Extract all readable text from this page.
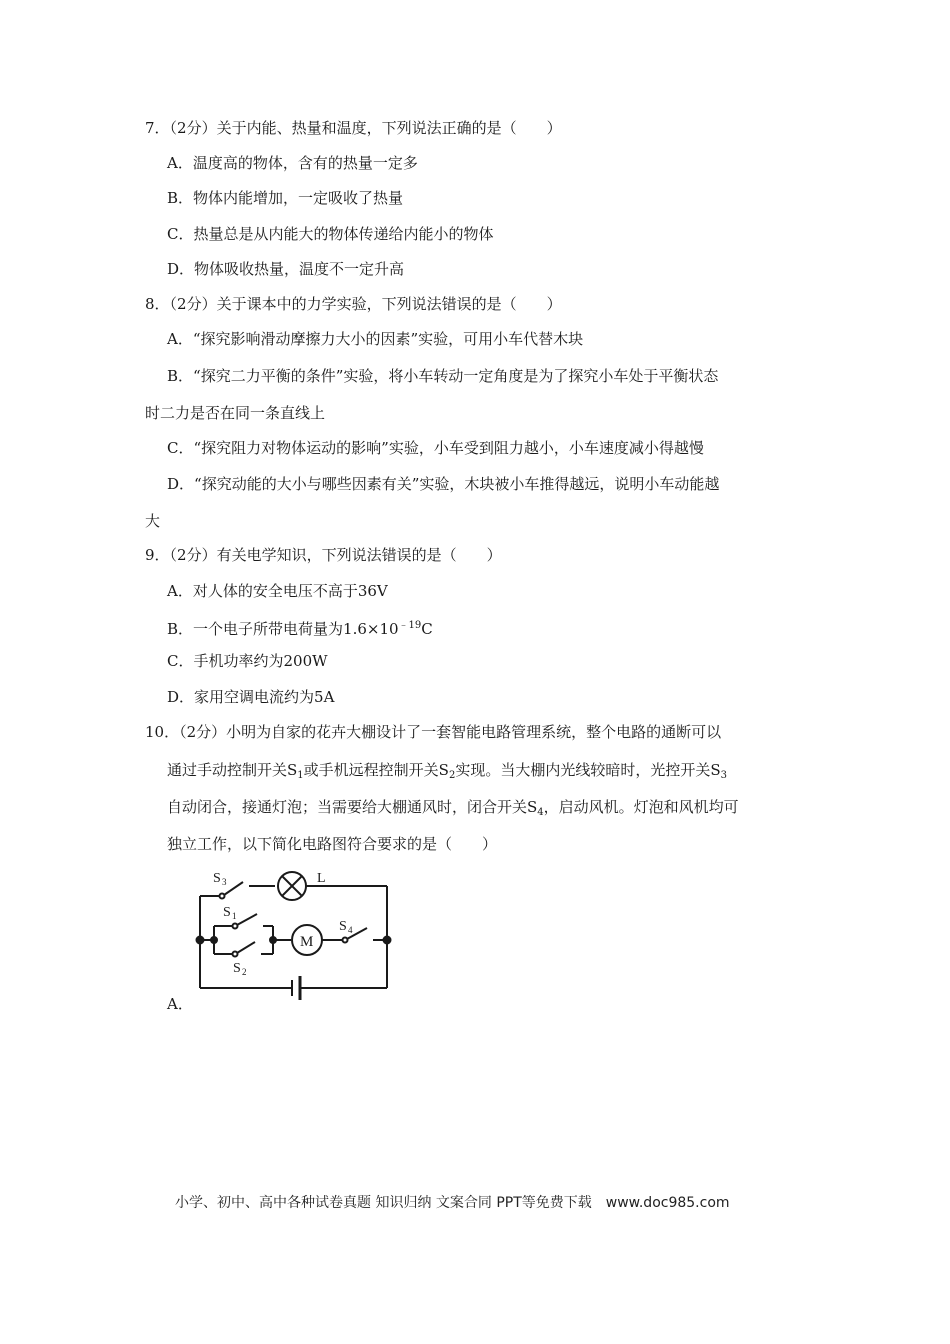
7．（2分）关于内能、热量和温度，下列说法正确的是（　　）
A．温度高的物体，含有的热量一定多
B．物体内能增加，一定吸收了热量
C．热量总是从内能大的物体传递给内能小的物体
D．物体吸收热量，温度不一定升高
8．（2分）关于课本中的力学实验，下列说法错误的是（　　）
A．“探究影响滑动摩擦力大小的因素”实验，可用小车代替木块
B．“探究二力平衡的条件”实验，将小车转动一定角度是为了探究小车处于平衡状态
时二力是否在同一条直线上
C．“探究阻力对物体运动的影响”实验，小车受到阻力越小，小车速度减小得越慢
D．“探究动能的大小与哪些因素有关”实验，木块被小车推得越远，说明小车动能越
大
9．（2分）有关电学知识，下列说法错误的是（　　）
A．对人体的安全电压不高于36V
B．一个电子所带电荷量为$1.6\times 10^{﹣19}C$
C．手机功率约为200W
D．家用空调电流约为5A
10．（2分）小明为自家的花卉大棚设计了一套智能电路管理系统，整个电路的通断可以
通过手动控制开关$S_1$或手机远程控制开关$S_2$实现。当大棚内光线较暗时，光控开关$S_3$
自动闭合，接通灯泡；当需要给大棚通风时，闭合开关$S_4$，启动风机。灯泡和风机均可
独立工作，以下简化电路图符合要求的是（　　）
S 3	L
S 1
S 2
S 4
M
A．
小学、初中、高中各种试卷真题 知识归纳 文案合同 PPT等免费下载　www.doc985.com
